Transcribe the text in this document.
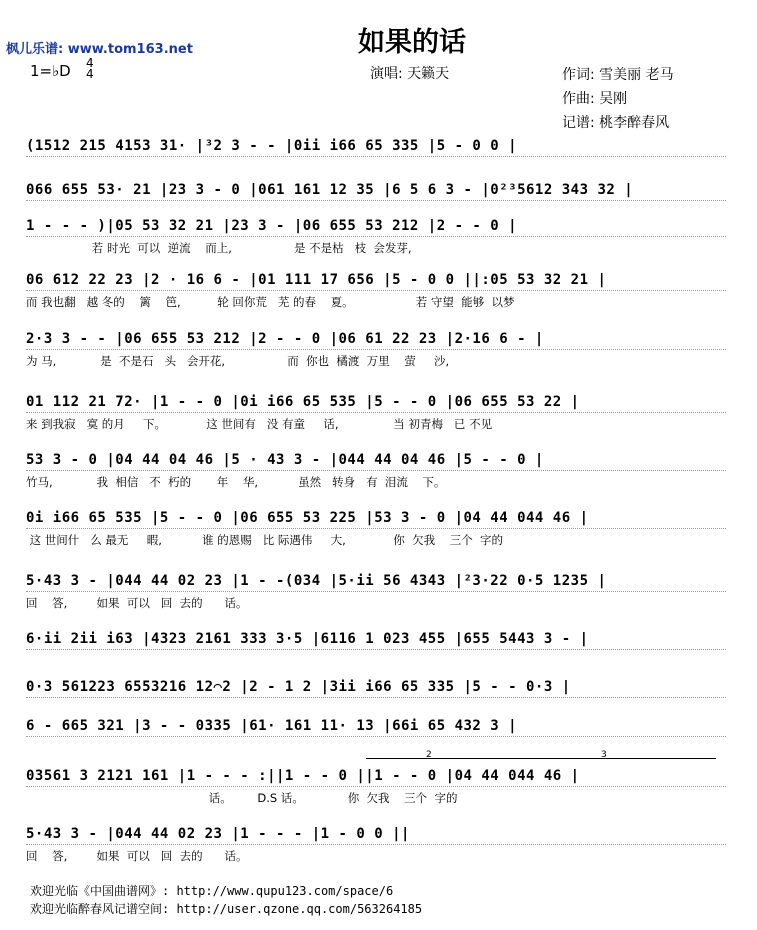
枫儿乐谱: www.tom163.net	如果的话
1=♭D 4
4	演唱: 天籁天	作词: 雪美丽 老马
作曲: 吴刚
记谱: 桃李醉春风
(1512 215 4153 31· |³2 3 - - |0ii i66 65 335 |5 - 0 0 |
066 655 53· 21 |23 3 - 0 |061 161 12 35 |6 5 6 3 - |0²³5612 343 32 |
1 - - - )|05 53 32 21 |23 3 - |06 655 53 212 |2 - - 0 |
若 时光  可以  逆流    而上,                 是 不是枯   枝  会发芽,
06 612 22 23 |2 · 16 6 - |01 111 17 656 |5 - 0 0 ||:05 53 32 21 |
而 我也翻   越 冬的    篱    笆,          轮 回你荒   芜 的春    夏。                 若 守望  能够  以梦
2·3 3 - - |06 655 53 212 |2 - - 0 |06 61 22 23 |2·16 6 - |
为 马,            是  不是石   头   会开花,                 而  你也  橘渡  万里    萤     沙,
01 112 21 72· |1 - - 0 |0i i66 65 535 |5 - - 0 |06 655 53 22 |
来 到我寂   寞 的月     下。           这 世间有   没 有童     话,               当 初青梅   已 不见
53 3 - 0 |04 44 04 46 |5 · 43 3 - |044 44 04 46 |5 - - 0 |
竹马,            我  相信   不  朽的       年    华,           虽然   转身   有  泪流    下。
0i i66 65 535 |5 - - 0 |06 655 53 225 |53 3 - 0 |04 44 044 46 |
这 世间什   么 最无     暇,           谁 的恩赐   比 际遇伟     大,             你  欠我    三个  字的
5·43 3 - |044 44 02 23 |1 - -(034 |5·ii 56 4343 |²3·22 0·5 1235 |
回    答,        如果  可以   回  去的      话。
6·ii 2ii i63 |4323 2161 333 3·5 |6116 1 023 455 |655 5443 3 - |
0·3 561223 6553216 12⌒2 |2 - 1 2 |3ii i66 65 335 |5 - - 0·3 |
6 - 665 321 |3 - - 0335 |61· 161 11· 13 |66i 65 432 3 |
03561 3 2121 161 |1 - - - :||1 - - 0 ||1 - - 0 |04 44 044 46 |
话。       D.S 话。            你  欠我    三个  字的
2	3
5·43 3 - |044 44 02 23 |1 - - - |1 - 0 0 ||
回    答,        如果  可以   回  去的      话。
欢迎光临《中国曲谱网》: http://www.qupu123.com/space/6
欢迎光临醉春风记谱空间: http://user.qzone.qq.com/563264185
